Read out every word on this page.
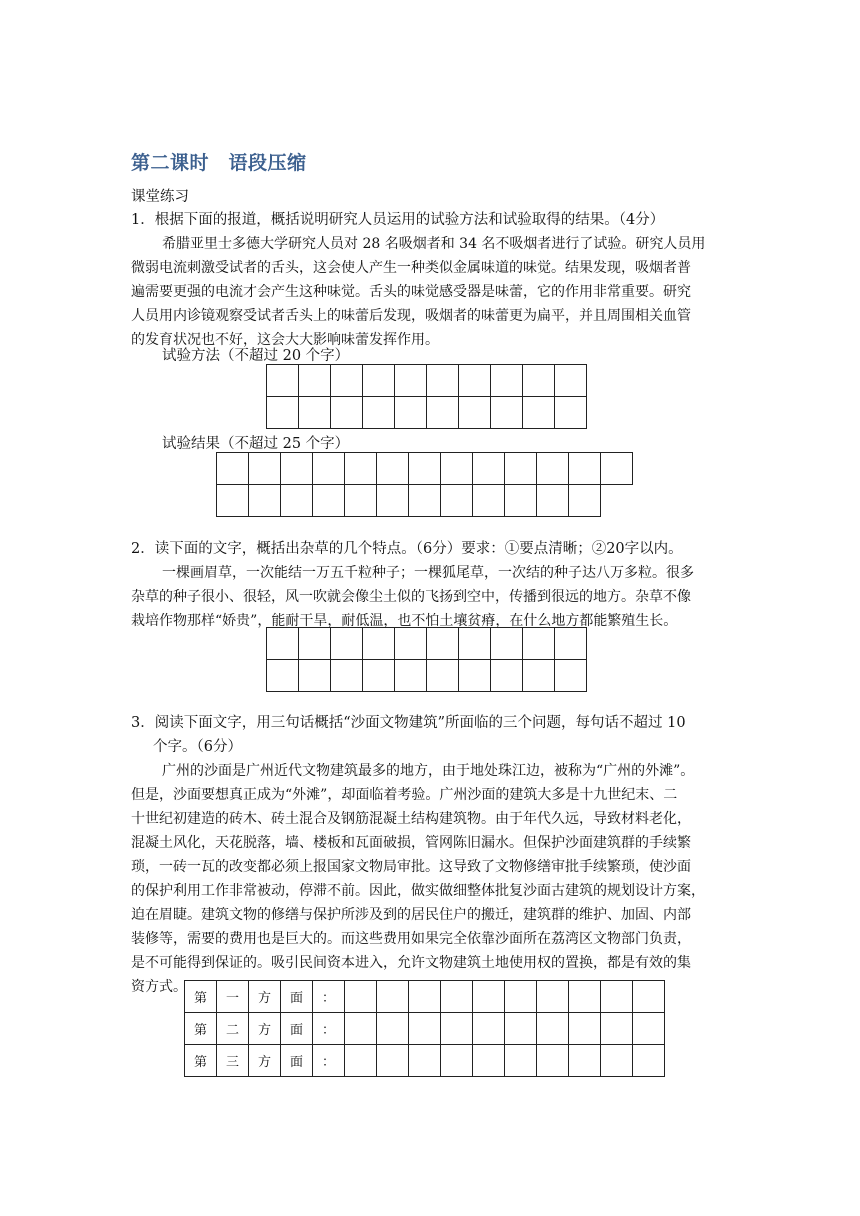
第二课时　语段压缩
课堂练习
1．根据下面的报道，概括说明研究人员运用的试验方法和试验取得的结果。（4分）
希腊亚里士多德大学研究人员对 28 名吸烟者和 34 名不吸烟者进行了试验。研究人员用
微弱电流刺激受试者的舌头，这会使人产生一种类似金属味道的味觉。结果发现，吸烟者普
遍需要更强的电流才会产生这种味觉。舌头的味觉感受器是味蕾，它的作用非常重要。研究
人员用内诊镜观察受试者舌头上的味蕾后发现，吸烟者的味蕾更为扁平，并且周围相关血管
的发育状况也不好，这会大大影响味蕾发挥作用。
试验方法（不超过 20 个字）

试验结果（不超过 25 个字）

2．读下面的文字，概括出杂草的几个特点。（6分）要求：①要点清晰；②20字以内。
一棵画眉草，一次能结一万五千粒种子；一棵狐尾草，一次结的种子达八万多粒。很多
杂草的种子很小、很轻，风一吹就会像尘土似的飞扬到空中，传播到很远的地方。杂草不像
栽培作物那样“娇贵”，能耐干旱，耐低温，也不怕土壤贫瘠，在什么地方都能繁殖生长。

3．阅读下面文字，用三句话概括“沙面文物建筑”所面临的三个问题，每句话不超过 10
个字。（6分）
广州的沙面是广州近代文物建筑最多的地方，由于地处珠江边，被称为“广州的外滩”。
但是，沙面要想真正成为“外滩”，却面临着考验。广州沙面的建筑大多是十九世纪末、二
十世纪初建造的砖木、砖土混合及钢筋混凝土结构建筑物。由于年代久远，导致材料老化，
混凝土风化，天花脱落，墙、楼板和瓦面破损，管网陈旧漏水。但保护沙面建筑群的手续繁
琐，一砖一瓦的改变都必须上报国家文物局审批。这导致了文物修缮审批手续繁琐，使沙面
的保护利用工作非常被动，停滞不前。因此，做实做细整体批复沙面古建筑的规划设计方案，
迫在眉睫。建筑文物的修缮与保护所涉及到的居民住户的搬迁，建筑群的维护、加固、内部
装修等，需要的费用也是巨大的。而这些费用如果完全依靠沙面所在荔湾区文物部门负责，
是不可能得到保证的。吸引民间资本进入，允许文物建筑土地使用权的置换，都是有效的集
资方式。
第	一	方	面	：										
第	二	方	面	：										
第	三	方	面	：										
